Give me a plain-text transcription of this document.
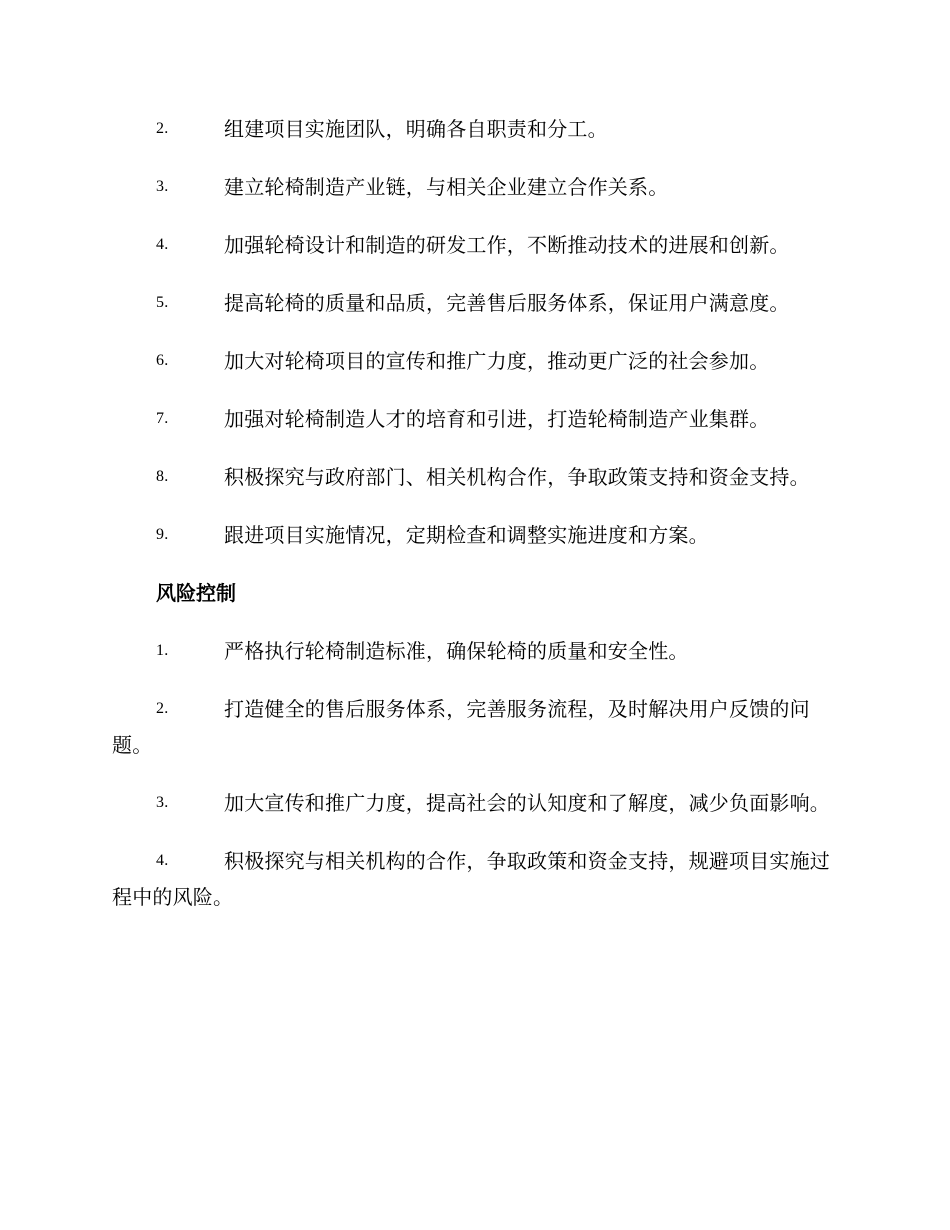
2.	组建项目实施团队，明确各自职责和分工。
3.	建立轮椅制造产业链，与相关企业建立合作关系。
4.	加强轮椅设计和制造的研发工作，不断推动技术的进展和创新。
5.	提高轮椅的质量和品质，完善售后服务体系，保证用户满意度。
6.	加大对轮椅项目的宣传和推广力度，推动更广泛的社会参加。
7.	加强对轮椅制造人才的培育和引进，打造轮椅制造产业集群。
8.	积极探究与政府部门、相关机构合作，争取政策支持和资金支持。
9.	跟进项目实施情况，定期检查和调整实施进度和方案。
风险控制
1.	严格执行轮椅制造标准，确保轮椅的质量和安全性。
2.	打造健全的售后服务体系，完善服务流程，及时解决用户反馈的问题。
3.	加大宣传和推广力度，提高社会的认知度和了解度，减少负面影响。
4.	积极探究与相关机构的合作，争取政策和资金支持，规避项目实施过程中的风险。
